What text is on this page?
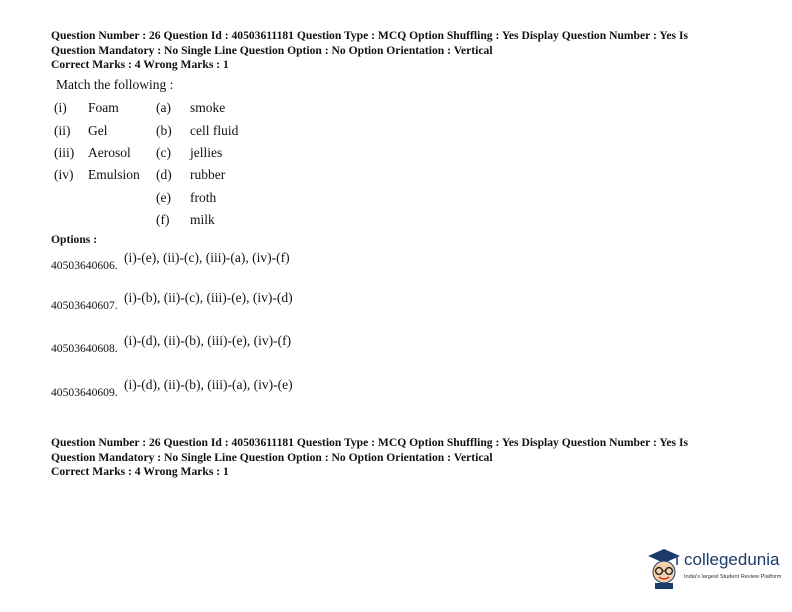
Question Number : 26 Question Id : 40503611181 Question Type : MCQ Option Shuffling : Yes Display Question Number : Yes Is
Question Mandatory : No Single Line Question Option : No Option Orientation : Vertical
Correct Marks : 4 Wrong Marks : 1
Match the following :
(i)	Foam	(a)	smoke
(ii)	Gel	(b)	cell fluid
(iii)	Aerosol	(c)	jellies
(iv)	Emulsion	(d)	rubber
		(e)	froth
		(f)	milk
Options :
40503640606.
(i)-(e), (ii)-(c), (iii)-(a), (iv)-(f)
40503640607.
(i)-(b), (ii)-(c), (iii)-(e), (iv)-(d)
40503640608.
(i)-(d), (ii)-(b), (iii)-(e), (iv)-(f)
40503640609.
(i)-(d), (ii)-(b), (iii)-(a), (iv)-(e)
Question Number : 26 Question Id : 40503611181 Question Type : MCQ Option Shuffling : Yes Display Question Number : Yes Is
Question Mandatory : No Single Line Question Option : No Option Orientation : Vertical
Correct Marks : 4 Wrong Marks : 1
collegedunia
India's largest Student Review Platform
